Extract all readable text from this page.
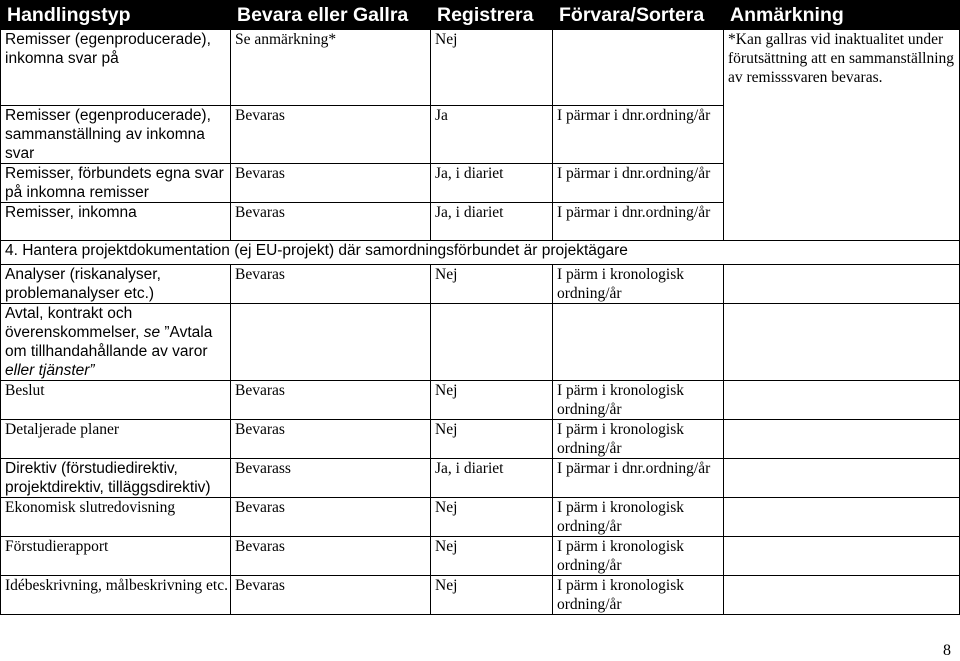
Handlingstyp	Bevara eller Gallra	Registrera	Förvara/Sortera	Anmärkning
Remisser (egenproducerade), inkomna svar på	Se anmärkning*	Nej		*Kan gallras vid inaktualitet under förutsättning att en sammanställning av remisssvaren bevaras.
Remisser (egenproducerade), sammanställning av inkomna svar	Bevaras	Ja	I pärmar i dnr.ordning/år	
Remisser, förbundets egna svar på inkomna remisser	Bevaras	Ja, i diariet	I pärmar i dnr.ordning/år	
Remisser, inkomna	Bevaras	Ja, i diariet	I pärmar i dnr.ordning/år	
4. Hantera projektdokumentation (ej EU-projekt) där samordningsförbundet är projektägare				
Analyser (riskanalyser, problemanalyser etc.)	Bevaras	Nej	I pärm i kronologisk ordning/år	
Avtal, kontrakt och överenskommelser, se ”Avtala om tillhandahållande av varor eller tjänster”				
Beslut	Bevaras	Nej	I pärm i kronologisk ordning/år	
Detaljerade planer	Bevaras	Nej	I pärm i kronologisk ordning/år	
Direktiv (förstudiedirektiv, projektdirektiv, tilläggsdirektiv)	Bevarass	Ja, i diariet	I pärmar i dnr.ordning/år	
Ekonomisk slutredovisning	Bevaras	Nej	I pärm i kronologisk ordning/år	
Förstudierapport	Bevaras	Nej	I pärm i kronologisk ordning/år	
Idébeskrivning, målbeskrivning etc.	Bevaras	Nej	I pärm i kronologisk ordning/år	
8
